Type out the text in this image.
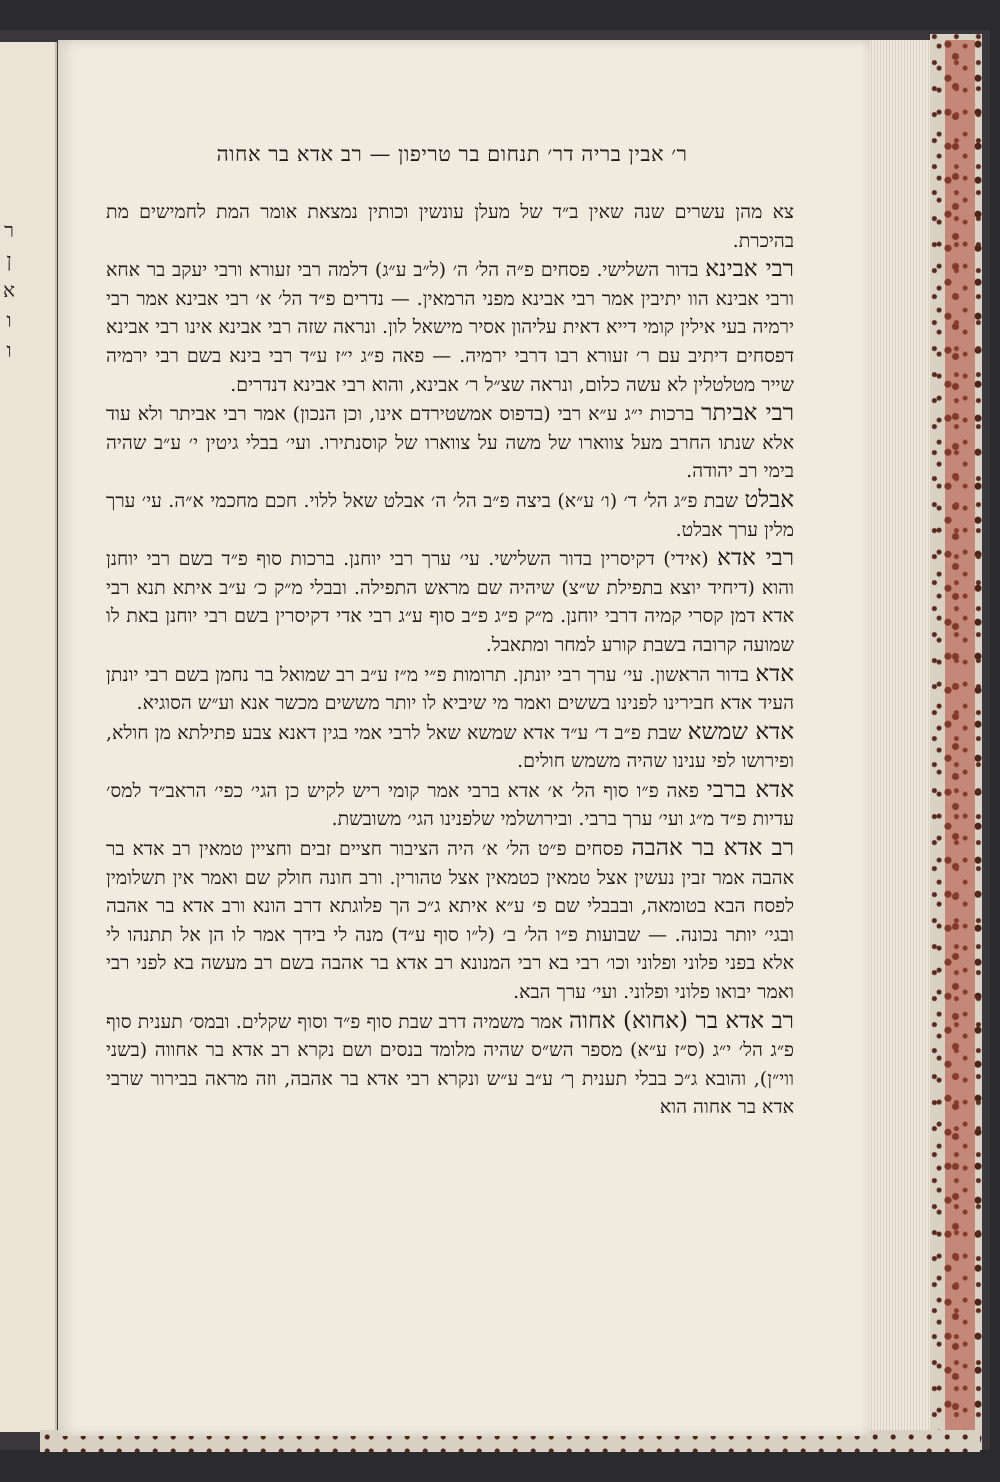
ר
ן
א
ו
ו
ר׳ אבין בריה דר׳ תנחום בר טריפון — רב אדא בר אחוה

צא מהן עשרים שנה שאין ב״ד של מעלן עונשין וכותין נמצאת אומר המת לחמישים מת בהיכרת.

רבי אבינא בדור השלישי. פסחים פ״ה הל׳ ה׳ (ל״ב ע״ג) דלמה רבי זעורא ורבי יעקב בר אחא ורבי אבינא הוו יתיבין אמר רבי אבינא מפני הרמאין. — נדרים פ״ד הל׳ א׳ רבי אבינא אמר רבי ירמיה בעי אילין קומי דייא דאית עליהון אסיר מישאל לון. ונראה שזה רבי אבינא אינו רבי אבינא דפסחים דיתיב עם ר׳ זעורא רבו דרבי ירמיה. — פאה פ״ג י״ז ע״ד רבי בינא בשם רבי ירמיה שייר מטלטלין לא עשה כלום, ונראה שצ״ל ר׳ אבינא, והוא רבי אבינא דנדרים.

רבי אביתר ברכות י״ג ע״א רבי (בדפוס אמשטירדם אינו, וכן הנכון) אמר רבי אביתר ולא עוד אלא שנתו החרב מעל צווארו של משה על צווארו של קוסנתירו. ועי׳ בבלי גיטין י׳ ע״ב שהיה בימי רב יהודה.

אבלט שבת פ״ג הל׳ ד׳ (ו׳ ע״א) ביצה פ״ב הל׳ ה׳ אבלט שאל ללוי. חכם מחכמי א״ה. עי׳ ערך מלין ערך אבלט.

רבי אדא (אידי) דקיסרין בדור השלישי. עי׳ ערך רבי יוחנן. ברכות סוף פ״ד בשם רבי יוחנן והוא (דיחיד יוצא בתפילת ש״צ) שיהיה שם מראש התפילה. ובבלי מ״ק כ׳ ע״ב איתא תנא רבי אדא דמן קסרי קמיה דרבי יוחנן. מ״ק פ״ג פ״ב סוף ע״ג רבי אדי דקיסרין בשם רבי יוחנן באת לו שמועה קרובה בשבת קורע למחר ומתאבל.

אדא בדור הראשון. עי׳ ערך רבי יונתן. תרומות פ״י מ״ז ע״ב רב שמואל בר נחמן בשם רבי יונתן העיד אדא חבירינו לפנינו בששים ואמר מי שיביא לו יותר מששים מכשר אנא וע״ש הסוגיא.

אדא שמשא שבת פ״ב ד׳ ע״ד אדא שמשא שאל לרבי אמי בגין דאנא צבע פתילתא מן חולא, ופירושו לפי ענינו שהיה משמש חולים.

אדא ברבי פאה פ״ו סוף הל׳ א׳ אדא ברבי אמר קומי ריש לקיש כן הגי׳ כפי׳ הראב״ד למס׳ עדיות פ״ד מ״ג ועי׳ ערך ברבי. ובירושלמי שלפנינו הגי׳ משובשת.

רב אדא בר אהבה פסחים פ״ט הל׳ א׳ היה הציבור חציים זבים וחציין טמאין רב אדא בר אהבה אמר זבין נעשין אצל טמאין כטמאין אצל טהורין. ורב חונה חולק שם ואמר אין תשלומין לפסח הבא בטומאה, ובבבלי שם פ׳ ע״א איתא ג״כ הך פלוגתא דרב הונא ורב אדא בר אהבה ובגי׳ יותר נכונה. — שבועות פ״ו הל׳ ב׳ (ל״ו סוף ע״ד) מנה לי בידך אמר לו הן אל תתנהו לי אלא בפני פלוני ופלוני וכו׳ רבי בא רבי המנונא רב אדא בר אהבה בשם רב מעשה בא לפני רבי ואמר יבואו פלוני ופלוני. ועי׳ ערך הבא.

רב אדא בר (אחוא) אחוה אמר משמיה דרב שבת סוף פ״ד וסוף שקלים. ובמס׳ תענית סוף פ״ג הל׳ י״ג (ס״ז ע״א) מספר הש״ס שהיה מלומד בנסים ושם נקרא רב אדא בר אחווה (בשני ווי״ן), והובא ג״כ בבלי תענית ך׳ ע״ב ע״ש ונקרא רבי אדא בר אהבה, וזה מראה בבירור שרבי אדא בר אחוה הוא
